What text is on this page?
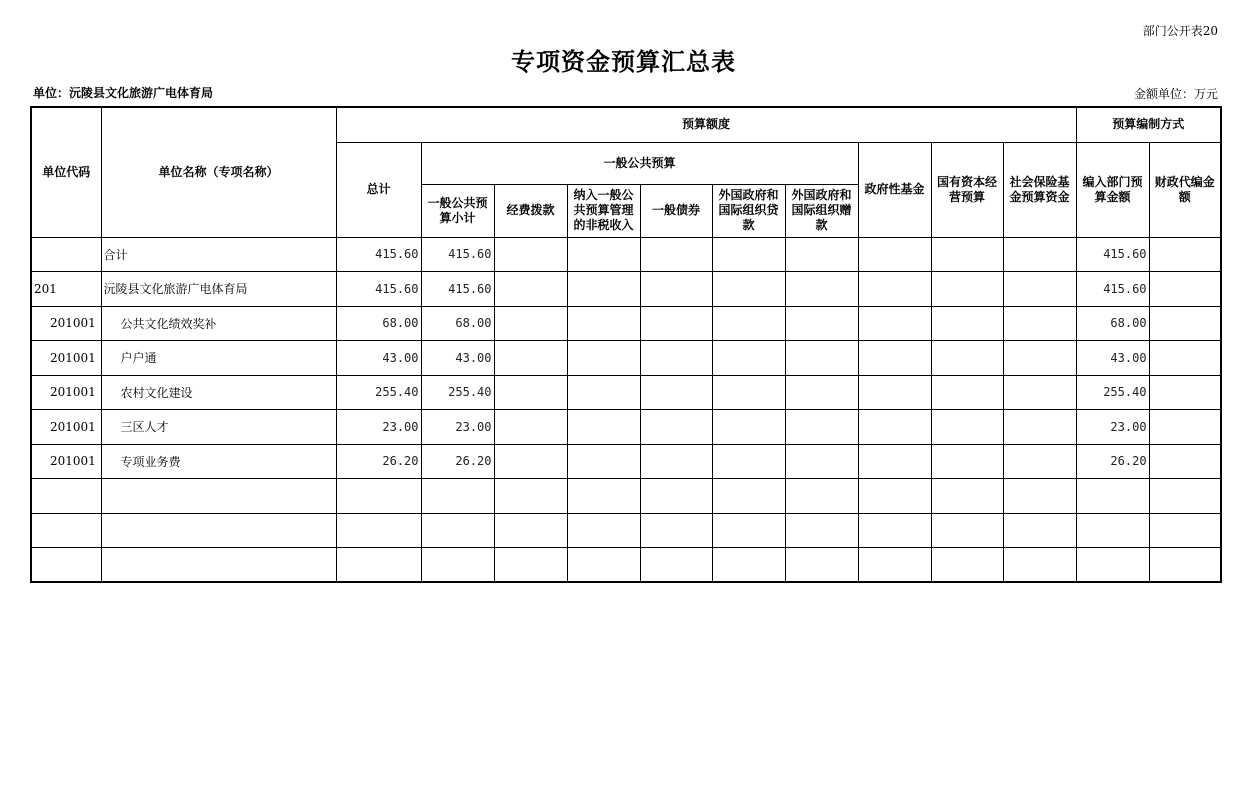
部门公开表20
专项资金预算汇总表
单位：沅陵县文化旅游广电体育局	金额单位：万元
单位代码	单位名称（专项名称）	预算额度										预算编制方式	
		总计	一般公共预算						政府性基金	国有资本经营预算	社会保险基金预算资金	编入部门预算金额	财政代编金额
			一般公共预算小计	经费拨款	纳入一般公共预算管理的非税收入	一般债券	外国政府和国际组织贷款	外国政府和国际组织赠款					
	合计	415.60	415.60									415.60	
201	沅陵县文化旅游广电体育局	415.60	415.60									415.60	
201001	公共文化绩效奖补	68.00	68.00									68.00	
201001	户户通	43.00	43.00									43.00	
201001	农村文化建设	255.40	255.40									255.40	
201001	三区人才	23.00	23.00									23.00	
201001	专项业务费	26.20	26.20									26.20	
